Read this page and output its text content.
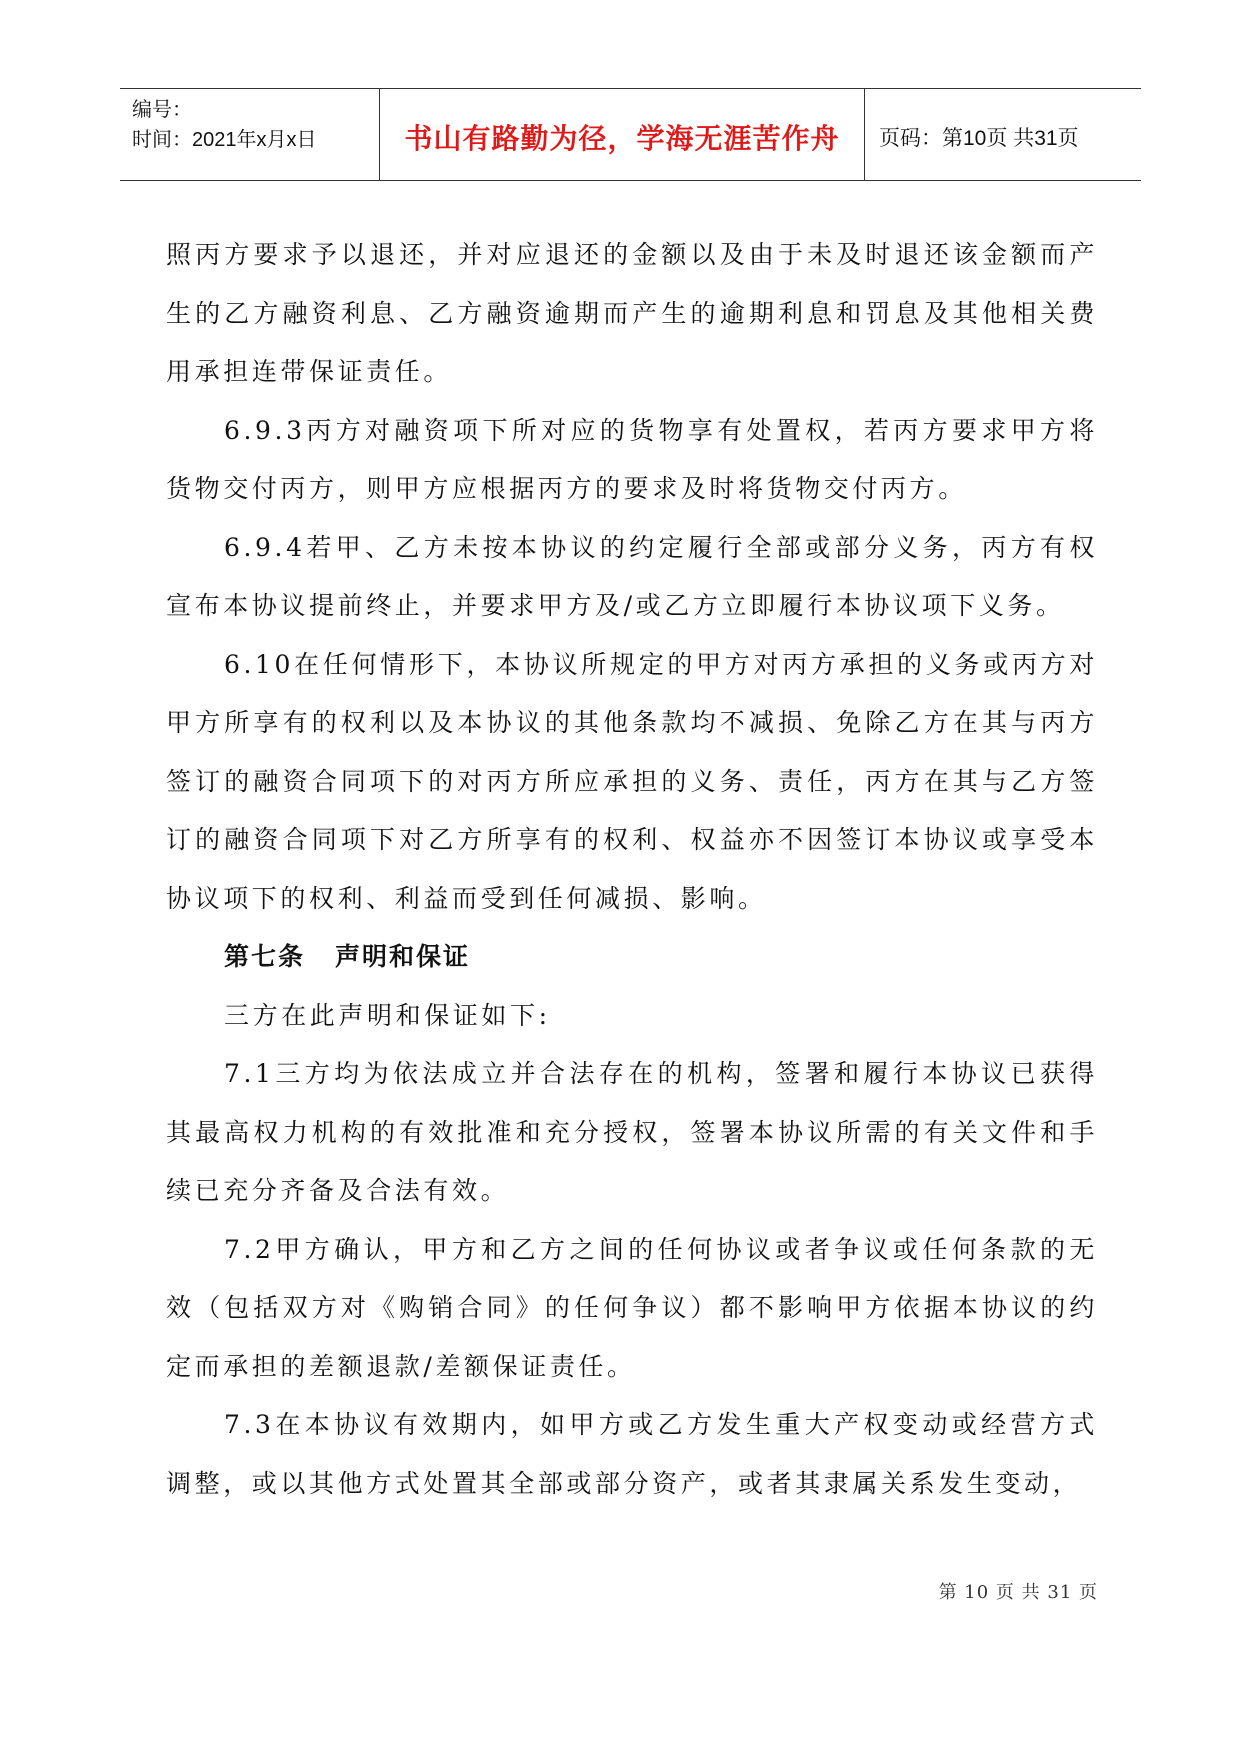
编号：
时间：2021年x月x日	书山有路勤为径，学海无涯苦作舟	页码：第10页 共31页

照丙方要求予以退还，并对应退还的金额以及由于未及时退还该金额而产生的乙方融资利息、乙方融资逾期而产生的逾期利息和罚息及其他相关费用承担连带保证责任。

6.9.3丙方对融资项下所对应的货物享有处置权，若丙方要求甲方将货物交付丙方，则甲方应根据丙方的要求及时将货物交付丙方。

6.9.4若甲、乙方未按本协议的约定履行全部或部分义务，丙方有权宣布本协议提前终止，并要求甲方及/或乙方立即履行本协议项下义务。

6.10在任何情形下，本协议所规定的甲方对丙方承担的义务或丙方对甲方所享有的权利以及本协议的其他条款均不减损、免除乙方在其与丙方签订的融资合同项下的对丙方所应承担的义务、责任，丙方在其与乙方签订的融资合同项下对乙方所享有的权利、权益亦不因签订本协议或享受本协议项下的权利、利益而受到任何减损、影响。

第七条 声明和保证

三方在此声明和保证如下:

7.1三方均为依法成立并合法存在的机构，签署和履行本协议已获得其最高权力机构的有效批准和充分授权，签署本协议所需的有关文件和手续已充分齐备及合法有效。

7.2甲方确认，甲方和乙方之间的任何协议或者争议或任何条款的无效（包括双方对《购销合同》的任何争议）都不影响甲方依据本协议的约定而承担的差额退款/差额保证责任。

7.3在本协议有效期内，如甲方或乙方发生重大产权变动或经营方式调整，或以其他方式处置其全部或部分资产，或者其隶属关系发生变动，

第 10 页 共 31 页
